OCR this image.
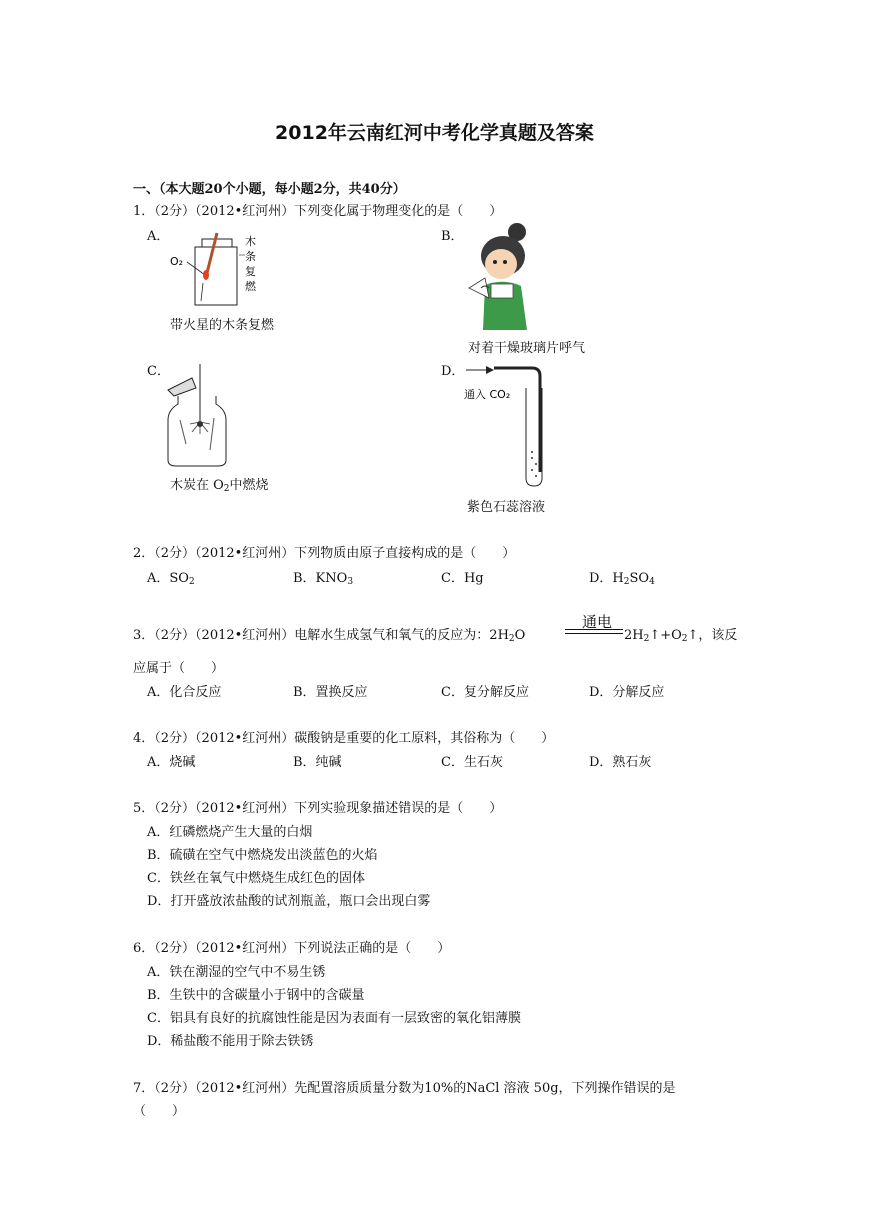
2012年云南红河中考化学真题及答案
一、（本大题20个小题，每小题2分，共40分）
1．（2分）（2012•红河州）下列变化属于物理变化的是（　　）
A．
O₂
木
条
复
燃
带火星的木条复燃
B．
对着干燥玻璃片呼气
C．
木炭在 $O_2$中燃烧
D．
通入 CO₂
紫色石蕊溶液
2．（2分）（2012•红河州）下列物质由原子直接构成的是（　　）
A．$SO_2$	B．$KNO_3$	C．Hg	D．$H_2SO_4$
3．（2分）（2012•红河州）电解水生成氢气和氧气的反应为：$2H_2O$
通电
$2H_2↑+O_2↑$，该反
应属于（　　）
A．化合反应	B．置换反应	C．复分解反应	D．分解反应
4．（2分）（2012•红河州）碳酸钠是重要的化工原料，其俗称为（　　）
A．烧碱	B．纯碱	C．生石灰	D．熟石灰
5．（2分）（2012•红河州）下列实验现象描述错误的是（　　）
A．红磷燃烧产生大量的白烟
B．硫磺在空气中燃烧发出淡蓝色的火焰
C．铁丝在氧气中燃烧生成红色的固体
D．打开盛放浓盐酸的试剂瓶盖，瓶口会出现白雾
6．（2分）（2012•红河州）下列说法正确的是（　　）
A．铁在潮湿的空气中不易生锈
B．生铁中的含碳量小于钢中的含碳量
C．铝具有良好的抗腐蚀性能是因为表面有一层致密的氧化铝薄膜
D．稀盐酸不能用于除去铁锈
7．（2分）（2012•红河州）先配置溶质质量分数为10%的NaCl 溶液 50g，下列操作错误的是
（　　）
